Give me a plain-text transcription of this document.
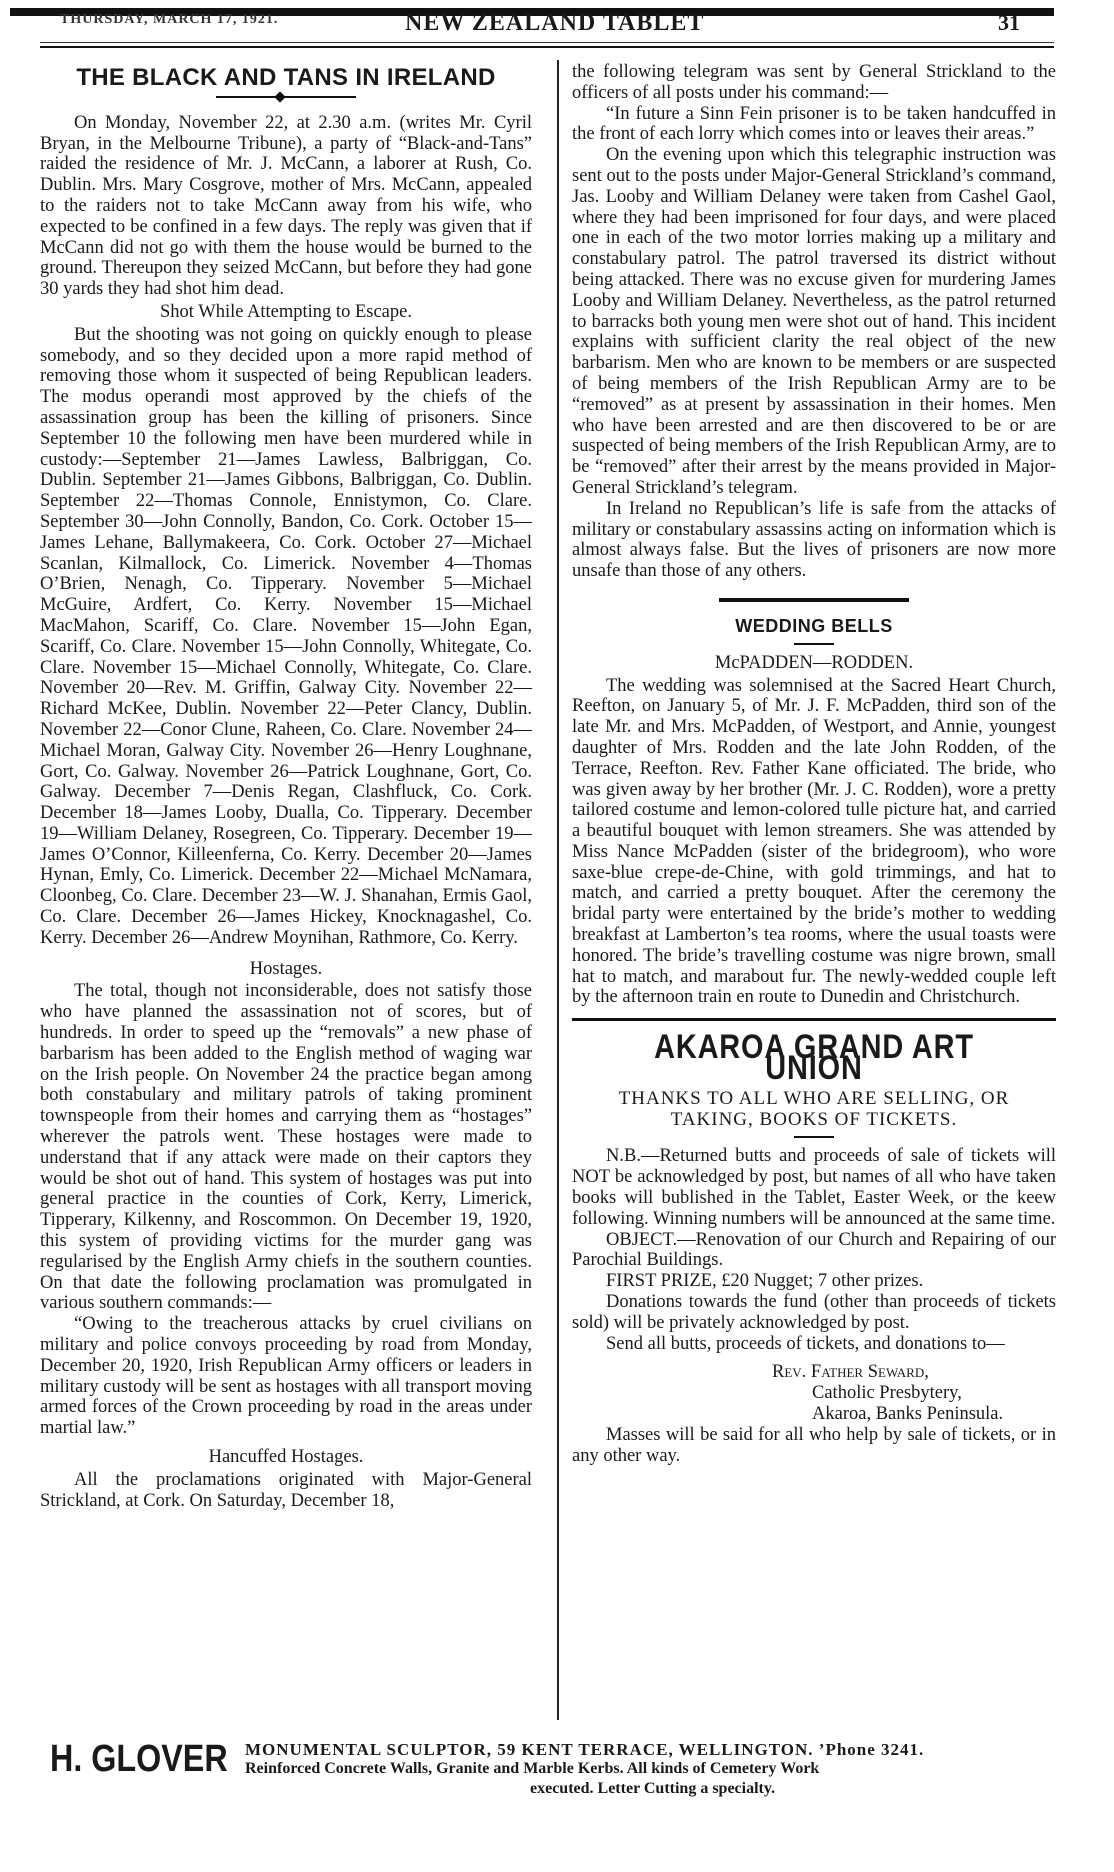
THURSDAY, MARCH 17, 1921.	NEW ZEALAND TABLET	31
THE BLACK AND TANS IN IRELAND

On Monday, November 22, at 2.30 a.m. (writes Mr. Cyril Bryan, in the Melbourne Tribune), a party of “Black-and-Tans” raided the residence of Mr. J. McCann, a laborer at Rush, Co. Dublin. Mrs. Mary Cosgrove, mother of Mrs. McCann, appealed to the raiders not to take McCann away from his wife, who expected to be confined in a few days. The reply was given that if McCann did not go with them the house would be burned to the ground. Thereupon they seized McCann, but before they had gone 30 yards they had shot him dead.

Shot While Attempting to Escape.

But the shooting was not going on quickly enough to please somebody, and so they decided upon a more rapid method of removing those whom it suspected of being Republican leaders. The modus operandi most approved by the chiefs of the assassination group has been the killing of prisoners. Since September 10 the following men have been murdered while in custody:—September 21—James Lawless, Balbriggan, Co. Dublin. September 21—James Gibbons, Balbriggan, Co. Dublin. September 22—Thomas Connole, Ennistymon, Co. Clare. September 30—John Connolly, Bandon, Co. Cork. October 15—James Lehane, Ballymakeera, Co. Cork. October 27—Michael Scanlan, Kilmallock, Co. Limerick. November 4—Thomas O’Brien, Nenagh, Co. Tipperary. November 5—Michael McGuire, Ardfert, Co. Kerry. November 15—Michael MacMahon, Scariff, Co. Clare. November 15—John Egan, Scariff, Co. Clare. November 15—John Connolly, Whitegate, Co. Clare. November 15—Michael Connolly, Whitegate, Co. Clare. November 20—Rev. M. Griffin, Galway City. November 22—Richard McKee, Dublin. November 22—Peter Clancy, Dublin. November 22—Conor Clune, Raheen, Co. Clare. November 24—Michael Moran, Galway City. November 26—Henry Loughnane, Gort, Co. Galway. November 26—Patrick Loughnane, Gort, Co. Galway. December 7—Denis Regan, Clashfluck, Co. Cork. December 18—James Looby, Dualla, Co. Tipperary. December 19—William Delaney, Rosegreen, Co. Tipperary. December 19—James O’Connor, Killeenferna, Co. Kerry. December 20—James Hynan, Emly, Co. Limerick. December 22—Michael McNamara, Cloonbeg, Co. Clare. December 23—W. J. Shanahan, Ermis Gaol, Co. Clare. December 26—James Hickey, Knocknagashel, Co. Kerry. December 26—Andrew Moynihan, Rathmore, Co. Kerry.

Hostages.

The total, though not inconsiderable, does not satisfy those who have planned the assassination not of scores, but of hundreds. In order to speed up the “removals” a new phase of barbarism has been added to the English method of waging war on the Irish people. On November 24 the practice began among both constabulary and military patrols of taking prominent townspeople from their homes and carrying them as “hostages” wherever the patrols went. These hostages were made to understand that if any attack were made on their captors they would be shot out of hand. This system of hostages was put into general practice in the counties of Cork, Kerry, Limerick, Tipperary, Kilkenny, and Roscommon. On December 19, 1920, this system of providing victims for the murder gang was regularised by the English Army chiefs in the southern counties. On that date the following proclamation was promulgated in various southern commands:—

“Owing to the treacherous attacks by cruel civilians on military and police convoys proceeding by road from Monday, December 20, 1920, Irish Republican Army officers or leaders in military custody will be sent as hostages with all transport moving armed forces of the Crown proceeding by road in the areas under martial law.”

Hancuffed Hostages.

All the proclamations originated with Major-General Strickland, at Cork. On Saturday, December 18,

the following telegram was sent by General Strickland to the officers of all posts under his command:—

“In future a Sinn Fein prisoner is to be taken handcuffed in the front of each lorry which comes into or leaves their areas.”

On the evening upon which this telegraphic instruction was sent out to the posts under Major-General Strickland’s command, Jas. Looby and William Delaney were taken from Cashel Gaol, where they had been imprisoned for four days, and were placed one in each of the two motor lorries making up a military and constabulary patrol. The patrol traversed its district without being attacked. There was no excuse given for murdering James Looby and William Delaney. Nevertheless, as the patrol returned to barracks both young men were shot out of hand. This incident explains with sufficient clarity the real object of the new barbarism. Men who are known to be members or are suspected of being members of the Irish Republican Army are to be “removed” as at present by assassination in their homes. Men who have been arrested and are then discovered to be or are suspected of being members of the Irish Republican Army, are to be “removed” after their arrest by the means provided in Major-General Strickland’s telegram.

In Ireland no Republican’s life is safe from the attacks of military or constabulary assassins acting on information which is almost always false. But the lives of prisoners are now more unsafe than those of any others.

WEDDING BELLS

McPADDEN—RODDEN.

The wedding was solemnised at the Sacred Heart Church, Reefton, on January 5, of Mr. J. F. McPadden, third son of the late Mr. and Mrs. McPadden, of Westport, and Annie, youngest daughter of Mrs. Rodden and the late John Rodden, of the Terrace, Reefton. Rev. Father Kane officiated. The bride, who was given away by her brother (Mr. J. C. Rodden), wore a pretty tailored costume and lemon-colored tulle picture hat, and carried a beautiful bouquet with lemon streamers. She was attended by Miss Nance McPadden (sister of the bridegroom), who wore saxe-blue crepe-de-Chine, with gold trimmings, and hat to match, and carried a pretty bouquet. After the ceremony the bridal party were entertained by the bride’s mother to wedding breakfast at Lamberton’s tea rooms, where the usual toasts were honored. The bride’s travelling costume was nigre brown, small hat to match, and marabout fur. The newly-wedded couple left by the afternoon train en route to Dunedin and Christchurch.

AKAROA GRAND ART UNION
THANKS TO ALL WHO ARE SELLING, OR TAKING, BOOKS OF TICKETS.

N.B.—Returned butts and proceeds of sale of tickets will NOT be acknowledged by post, but names of all who have taken books will bublished in the Tablet, Easter Week, or the keew following. Winning numbers will be announced at the same time.

OBJECT.—Renovation of our Church and Repairing of our Parochial Buildings.

FIRST PRIZE, £20 Nugget; 7 other prizes.

Donations towards the fund (other than proceeds of tickets sold) will be privately acknowledged by post.

Send all butts, proceeds of tickets, and donations to—

Rev. Father Seward,

Catholic Presbytery,

Akaroa, Banks Peninsula.

Masses will be said for all who help by sale of tickets, or in any other way.

H. GLOVER MONUMENTAL SCULPTOR, 59 KENT TERRACE, WELLINGTON. ’Phone 3241.
Reinforced Concrete Walls, Granite and Marble Kerbs. All kinds of Cemetery Work
executed. Letter Cutting a specialty.
